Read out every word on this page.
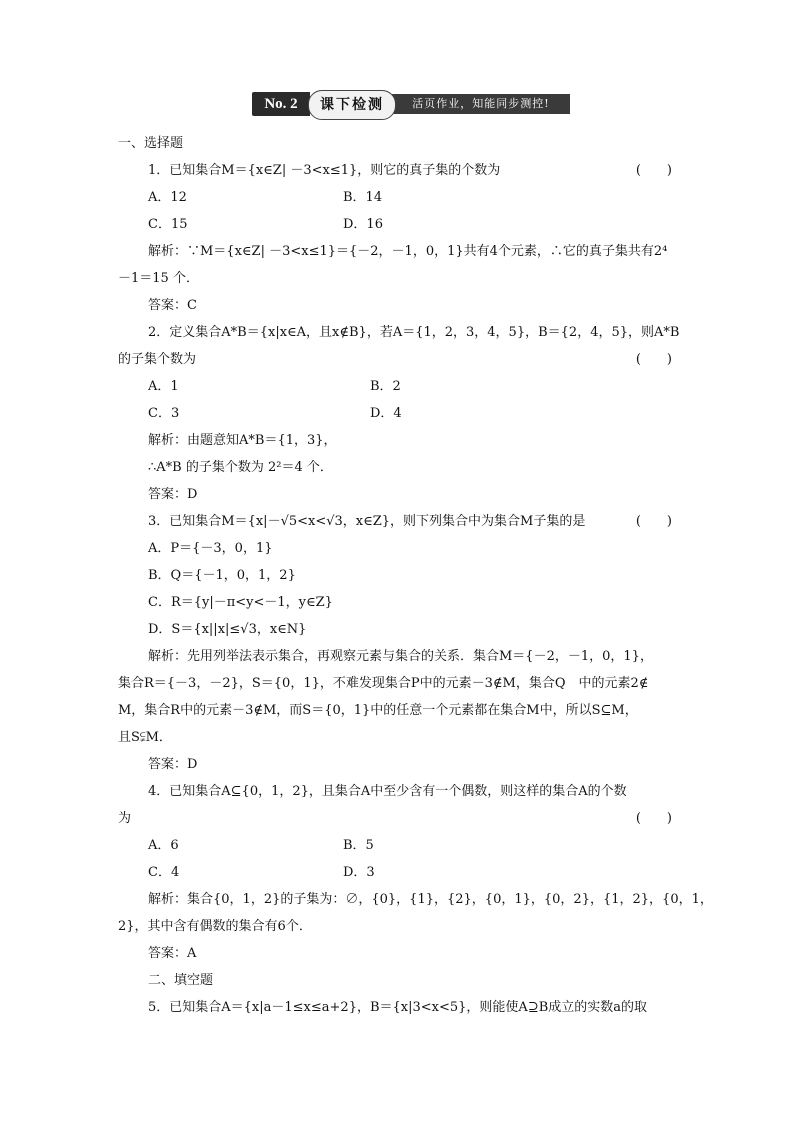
No. 2	活页作业，知能同步测控!
课下检测
一、选择题
1．已知集合M＝{x∈Z| －3<x≤1}，则它的真子集的个数为	(　　)
A．12	B．14
C．15	D．16
解析：∵M＝{x∈Z| －3<x≤1}＝{－2，－1，0，1}共有4个元素，∴它的真子集共有2⁴
－1＝15 个．
答案：C
2．定义集合A*B＝{x|x∈A，且x∉B}，若A＝{1，2，3，4，5}，B＝{2，4，5}，则A*B
的子集个数为	(　　)
A．1	B．2
C．3	D．4
解析：由题意知A*B＝{1，3}，
∴A*B 的子集个数为 2²＝4 个．
答案：D
3．已知集合M＝{x|－√5<x<√3，x∈Z}，则下列集合中为集合M子集的是	(　　)
A．P＝{－3，0，1}
B．Q＝{－1，0，1，2}
C．R＝{y|－π<y<－1，y∈Z}
D．S＝{x||x|≤√3，x∈N}
解析：先用列举法表示集合，再观察元素与集合的关系．集合M＝{－2，－1，0，1}，
集合R＝{－3，－2}，S＝{0，1}，不难发现集合P中的元素－3∉M，集合Q　中的元素2∉
M，集合R中的元素－3∉M，而S＝{0，1}中的任意一个元素都在集合M中，所以S⊆M，
且S⫋M．
答案：D
4．已知集合A⊆{0，1，2}，且集合A中至少含有一个偶数，则这样的集合A的个数
为	(　　)
A．6	B．5
C．4	D．3
解析：集合{0，1，2}的子集为：∅，{0}，{1}，{2}，{0，1}，{0，2}，{1，2}，{0，1，
2}，其中含有偶数的集合有6个．
答案：A
二、填空题
5．已知集合A＝{x|a－1≤x≤a+2}，B＝{x|3<x<5}，则能使A⊇B成立的实数a的取
